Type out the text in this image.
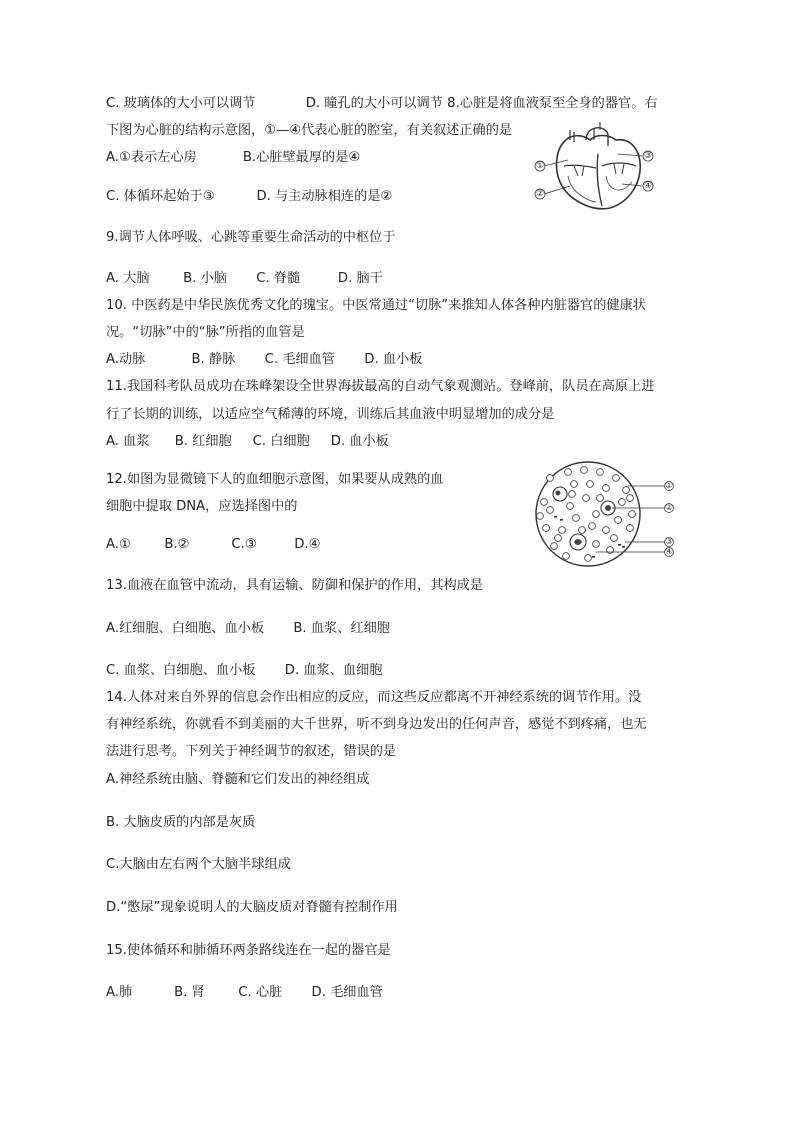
C. 玻璃体的大小可以调节            D. 瞳孔的大小可以调节 8.心脏是将血液泵至全身的器官。右
下图为心脏的结构示意图，①—④代表心脏的腔室，有关叙述正确的是
A.①表示左心房           B.心脏壁最厚的是④
C. 体循环起始于③          D. 与主动脉相连的是②
9.调节人体呼吸、心跳等重要生命活动的中枢位于
A. 大脑        B. 小脑       C. 脊髓         D. 脑干
10. 中医药是中华民族优秀文化的瑰宝。中医常通过“切脉”来推知人体各种内脏器官的健康状
况。“切脉”中的“脉”所指的血管是
A.动脉           B. 静脉       C. 毛细血管       D. 血小板
11.我国科考队员成功在珠峰架设全世界海拔最高的自动气象观测站。登峰前，队员在高原上进
行了长期的训练，以适应空气稀薄的环境，训练后其血液中明显增加的成分是
A. 血浆      B. 红细胞     C. 白细胞     D. 血小板
12.如图为显微镜下人的血细胞示意图，如果要从成熟的血
细胞中提取 DNA，应选择图中的
A.①        B.②          C.③         D.④
13.血液在血管中流动，具有运输、防御和保护的作用，其构成是
A.红细胞、白细胞、血小板       B. 血浆、红细胞
C. 血浆、白细胞、血小板       D. 血浆、血细胞
14.人体对来自外界的信息会作出相应的反应，而这些反应都离不开神经系统的调节作用。没
有神经系统，你就看不到美丽的大千世界，听不到身边发出的任何声音，感觉不到疼痛，也无
法进行思考。下列关于神经调节的叙述，错误的是
A.神经系统由脑、脊髓和它们发出的神经组成
B. 大脑皮质的内部是灰质
C.大脑由左右两个大脑半球组成
D.“憋尿”现象说明人的大脑皮质对脊髓有控制作用
15.使体循环和肺循环两条路线连在一起的器官是
A.肺          B. 肾        C. 心脏       D. 毛细血管
①
②
③
④
①
②
③
④
